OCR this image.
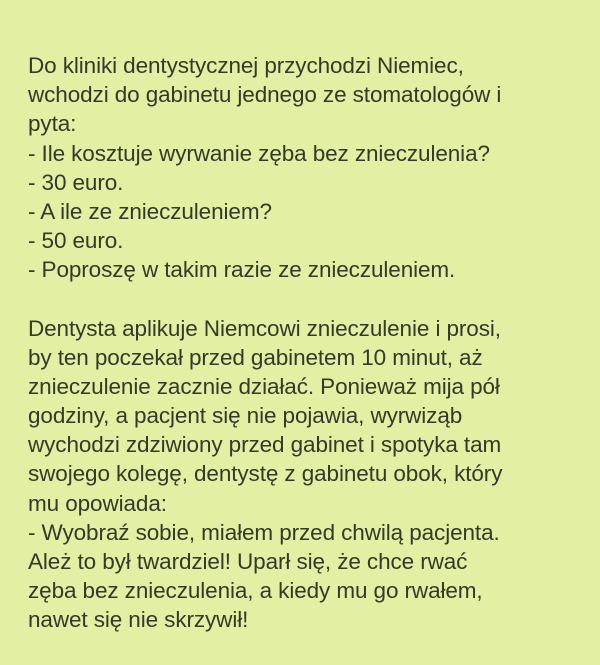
Do kliniki dentystycznej przychodzi Niemiec,
wchodzi do gabinetu jednego ze stomatologów i
pyta:
- Ile kosztuje wyrwanie zęba bez znieczulenia?
- 30 euro.
- A ile ze znieczuleniem?
- 50 euro.
- Poproszę w takim razie ze znieczuleniem.
Dentysta aplikuje Niemcowi znieczulenie i prosi,
by ten poczekał przed gabinetem 10 minut, aż
znieczulenie zacznie działać. Ponieważ mija pół
godziny, a pacjent się nie pojawia, wyrwiząb
wychodzi zdziwiony przed gabinet i spotyka tam
swojego kolegę, dentystę z gabinetu obok, który
mu opowiada:
- Wyobraź sobie, miałem przed chwilą pacjenta.
Ależ to był twardziel! Uparł się, że chce rwać
zęba bez znieczulenia, a kiedy mu go rwałem,
nawet się nie skrzywił!
